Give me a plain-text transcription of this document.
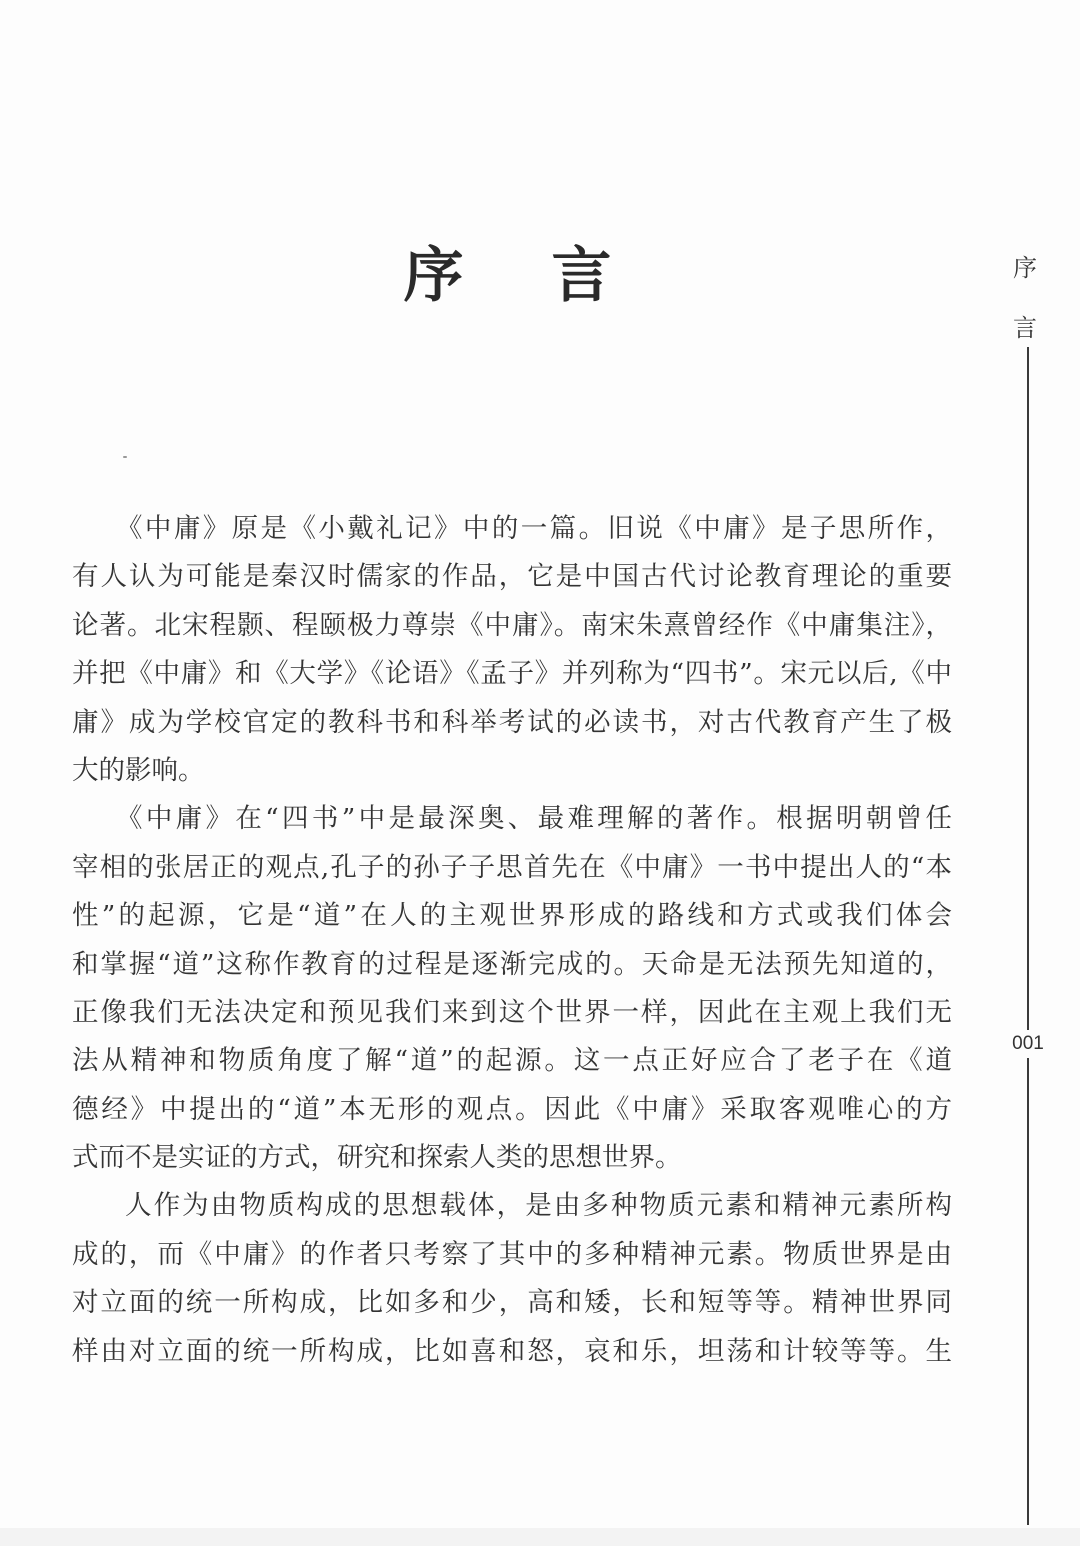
序 言	序
言
001
《中庸》原是《小戴礼记》中的一篇。旧说《中庸》是子思所作，
有人认为可能是秦汉时儒家的作品，它是中国古代讨论教育理论的重要
论著。北宋程颢、程颐极力尊崇《中庸》。南宋朱熹曾经作《中庸集注》，
并把《中庸》和《大学》《论语》《孟子》并列称为“四书”。宋元以后,《中
庸》成为学校官定的教科书和科举考试的必读书，对古代教育产生了极
大的影响。
《中庸》在“四书”中是最深奥、最难理解的著作。根据明朝曾任
宰相的张居正的观点,孔子的孙子子思首先在《中庸》一书中提出人的“本
性”的起源，它是“道”在人的主观世界形成的路线和方式或我们体会
和掌握“道”这称作教育的过程是逐渐完成的。天命是无法预先知道的，
正像我们无法决定和预见我们来到这个世界一样，因此在主观上我们无
法从精神和物质角度了解“道”的起源。这一点正好应合了老子在《道
德经》中提出的“道”本无形的观点。因此《中庸》采取客观唯心的方
式而不是实证的方式，研究和探索人类的思想世界。
人作为由物质构成的思想载体，是由多种物质元素和精神元素所构
成的，而《中庸》的作者只考察了其中的多种精神元素。物质世界是由
对立面的统一所构成，比如多和少，高和矮，长和短等等。精神世界同
样由对立面的统一所构成，比如喜和怒，哀和乐，坦荡和计较等等。生
